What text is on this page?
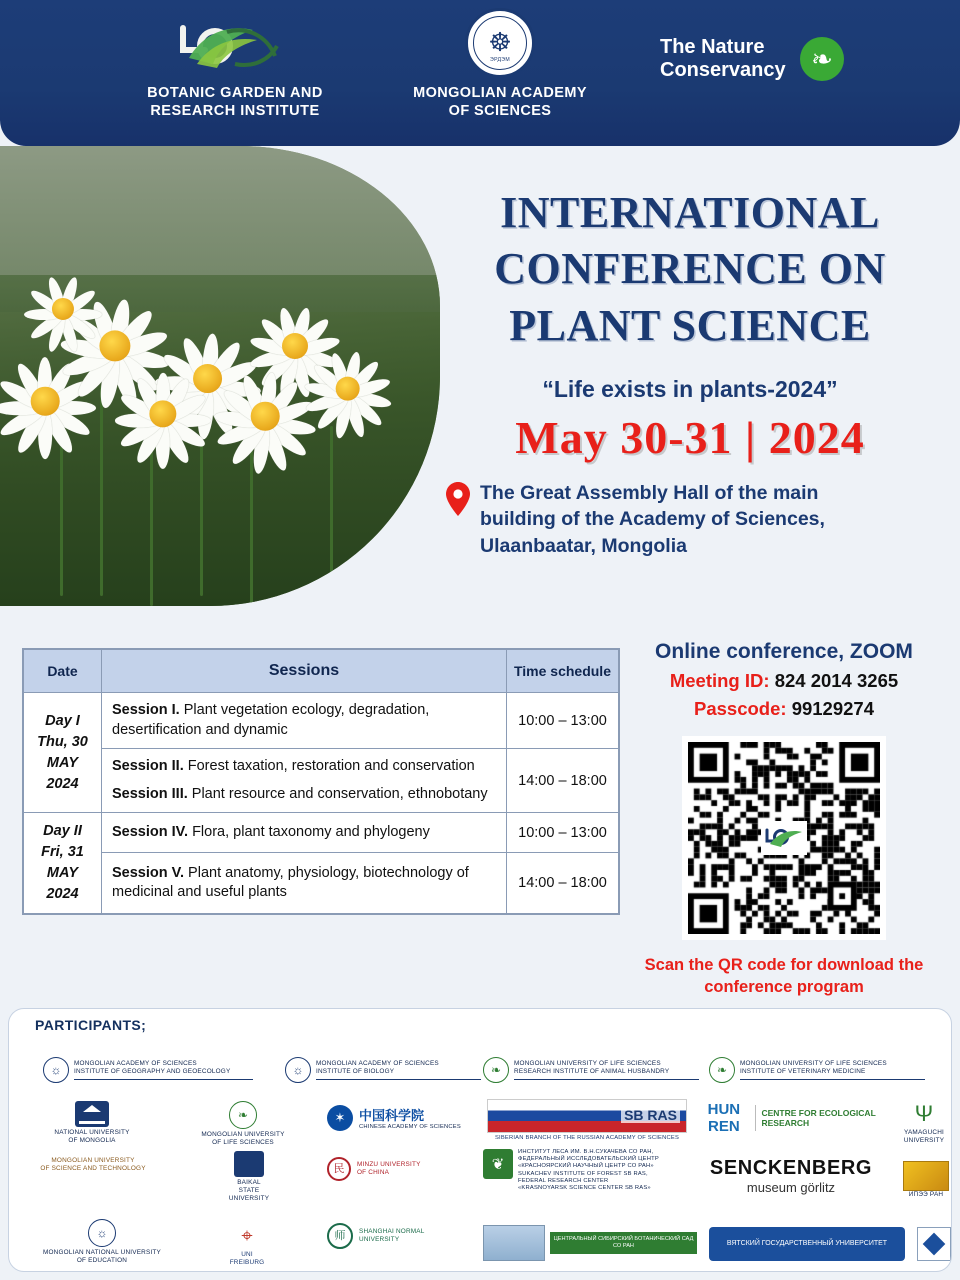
BOTANIC GARDEN AND
RESEARCH INSTITUTE
☸
ЭРДЭМ
MONGOLIAN ACADEMY
OF SCIENCES
The Nature
Conservancy
❧
INTERNATIONAL
CONFERENCE ON
PLANT SCIENCE
“Life exists in plants-2024”
May 30-31 | 2024
The Great Assembly Hall of the main
building of the Academy of Sciences,
Ulaanbaatar, Mongolia
Date	Sessions	Time schedule

Day I
Thu, 30
MAY
2024	Session I. Plant vegetation ecology, degradation, desertification and dynamic	10:00 – 13:00

	Session II. Forest taxation, restoration and conservation
Session III. Plant resource and conservation, ethnobotany	14:00 – 18:00

Day II
Fri, 31
MAY
2024	Session IV. Flora, plant taxonomy and phylogeny	10:00 – 13:00
	Session V. Plant anatomy, physiology, biotechnology of medicinal and useful plants	14:00 – 18:00
Online conference, ZOOM
Meeting ID: 824 2014 3265
Passcode: 99129274
Scan the QR code for download the
conference program
PARTICIPANTS;
☼
MONGOLIAN ACADEMY OF SCIENCES
INSTITUTE OF GEOGRAPHY AND GEOECOLOGY
☼
MONGOLIAN ACADEMY OF SCIENCES
INSTITUTE OF BIOLOGY
❧
MONGOLIAN UNIVERSITY OF LIFE SCIENCES
RESEARCH INSTITUTE OF ANIMAL HUSBANDRY
❧
MONGOLIAN UNIVERSITY OF LIFE SCIENCES
INSTITUTE OF VETERINARY MEDICINE
NATIONAL UNIVERSITY
OF MONGOLIA
❧
MONGOLIAN UNIVERSITY
OF LIFE SCIENCES
✶ 中国科学院
CHINESE ACADEMY OF SCIENCES
SB RAS
SIBERIAN BRANCH OF THE RUSSIAN ACADEMY OF SCIENCES
HUN REN
CENTRE FOR ECOLOGICAL RESEARCH	Ψ
YAMAGUCHI
UNIVERSITY
MONGOLIAN UNIVERSITY
OF SCIENCE AND TECHNOLOGY
BAIKAL
STATE
UNIVERSITY
民	MINZU UNIVERSITY
OF CHINA	❦
ИНСТИТУТ ЛЕСА ИМ. В.Н.СУКАЧЕВА СО РАН,
ФЕДЕРАЛЬНЫЙ ИССЛЕДОВАТЕЛЬСКИЙ ЦЕНТР
«КРАСНОЯРСКИЙ НАУЧНЫЙ ЦЕНТР СО РАН»
SUKACHEV INSTITUTE OF FOREST SB RAS,
FEDERAL RESEARCH CENTER
«KRASNOYARSK SCIENCE CENTER SB RAS»
SENCKENBERG
museum görlitz	ИПЭЭ РАН
☼
MONGOLIAN NATIONAL UNIVERSITY
OF EDUCATION
⌖
UNI
FREIBURG
师	SHANGHAI NORMAL
UNIVERSITY	ЦЕНТРАЛЬНЫЙ СИБИРСКИЙ БОТАНИЧЕСКИЙ САД СО РАН	ВЯТСКИЙ ГОСУДАРСТВЕННЫЙ УНИВЕРСИТЕТ
